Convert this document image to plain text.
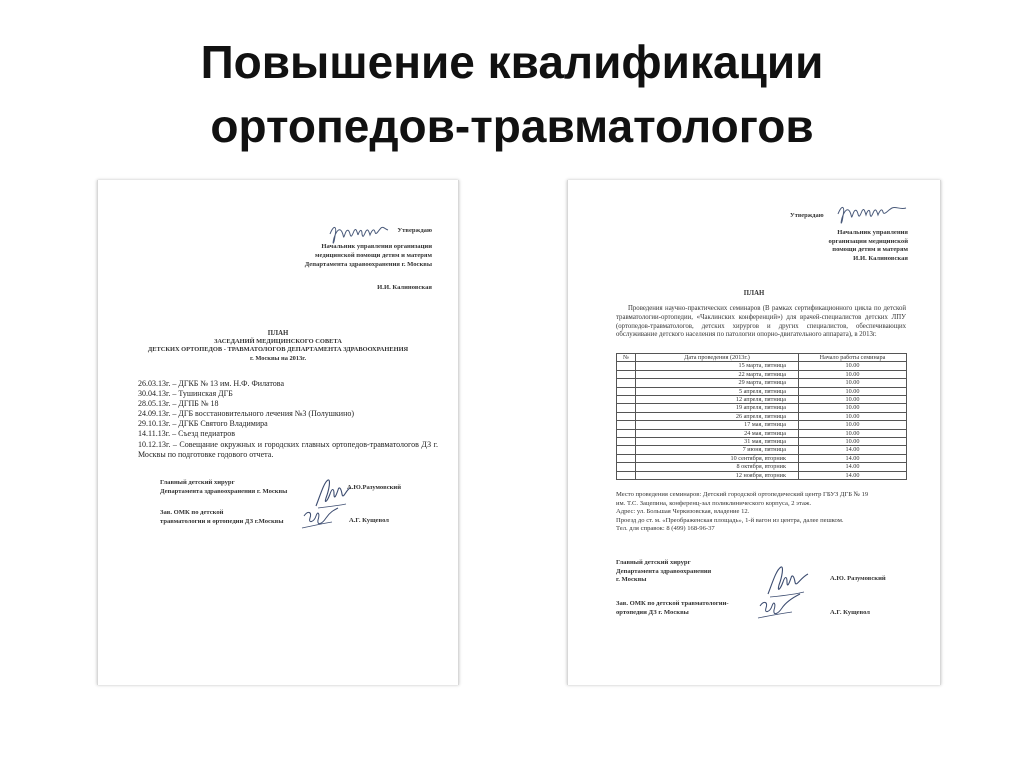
Повышение квалификации
ортопедов-травматологов
Утверждаю
Начальник управления организации
медицинской помощи детям и матерям
Департамента здравоохранения г. Москвы
И.И. Калиновская
ПЛАН
ЗАСЕДАНИЙ МЕДИЦИНСКОГО СОВЕТА
ДЕТСКИХ ОРТОПЕДОВ - ТРАВМАТОЛОГОВ ДЕПАРТАМЕНТА ЗДРАВООХРАНЕНИЯ
г. Москвы на 2013г.
26.03.13г. – ДГКБ № 13 им. Н.Ф. Филатова
30.04.13г. – Тушинская ДГБ
28.05.13г. – ДГПБ № 18
24.09.13г. – ДГБ восстановительного лечения №3 (Полушкино)
29.10.13г. – ДГКБ Святого Владимира
14.11.13г. – Съезд педиатров
10.12.13г. – Совещание окружных и городских главных ортопедов-травматологов ДЗ г. Москвы по подготовке годового отчета.
Главный детский хирург
Департамента здравоохранения г. Москвы
А.Ю.Разумовский
Зав. ОМК по детской
травматологии и ортопедии ДЗ г.Москвы	А.Г. Кущевол
Утверждаю
Начальник управления
организации медицинской
помощи детям и матерям
И.И. Калиновская
ПЛАН

Проведения научно-практических семинаров (В рамках сертификационного цикла по детской травматологии-ортопедии, «Чаклинских конференций») для врачей-специалистов детских ЛПУ (ортопедов-травматологов, детских хирургов и других специалистов, обеспечивающих обслуживание детского населения по патологии опорно-двигательного аппарата), в 2013г.

№	Дата проведения (2013г.)	Начало работы семинара
	15 марта, пятница	10.00
	22 марта, пятница	10.00
	29 марта, пятница	10.00
	5 апреля, пятница	10.00
	12 апреля, пятница	10.00
	19 апреля, пятница	10.00
	26 апреля, пятница	10.00
	17 мая, пятница	10.00
	24 мая, пятница	10.00
	31 мая, пятница	10.00
	7 июня, пятница	14.00
	10 сентября, вторник	14.00
	8 октября, вторник	14.00
	12 ноября, вторник	14.00
Место проведения семинаров: Детский городской ортопедический центр ГБУЗ ДГБ № 19
им. Т.С. Зацепина, конференц-зал поликлинического корпуса, 2 этаж.
Адрес: ул. Большая Черкизовская, владение 12.
Проезд до ст. м. «Преображенская площадь», 1-й вагон из центра, далее пешком.
Тел. для справок: 8 (499) 168-96-37
Главный детский хирург
Департамента здравоохранения
г. Москвы	А.Ю. Разумовский
Зав. ОМК по детской травматологии-
ортопедии ДЗ г. Москвы	А.Г. Кущевол
